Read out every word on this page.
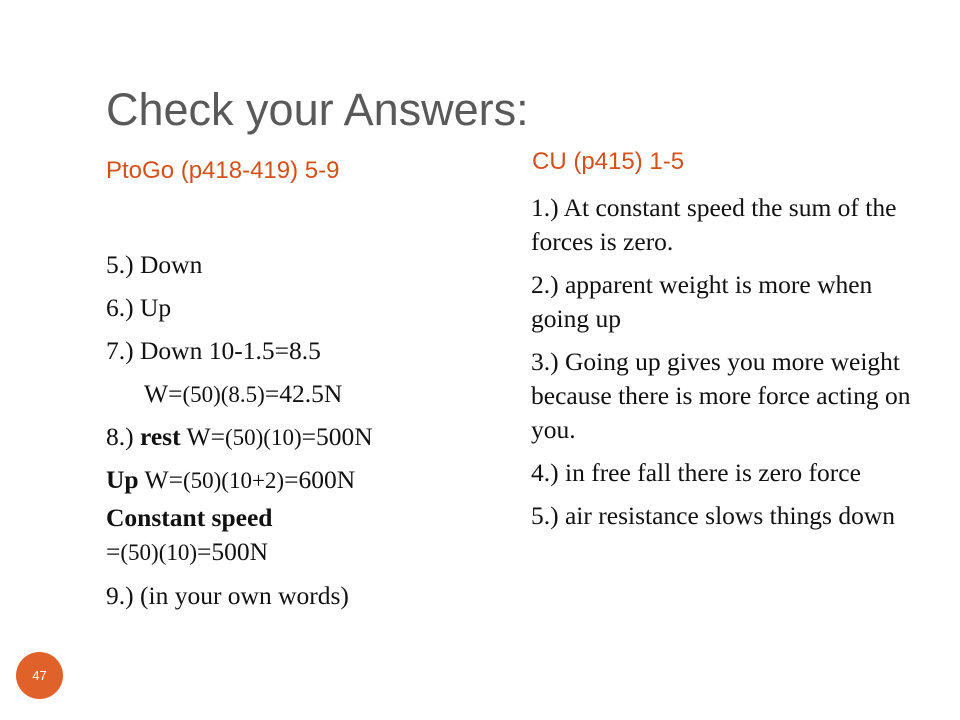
Check your Answers:
PtoGo (p418-419) 5-9	CU (p415) 1-5
5.) Down
6.) Up
7.) Down 10-1.5=8.5
W=(50)(8.5)=42.5N
8.) rest W=(50)(10)=500N
Up W=(50)(10+2)=600N
Constant speed
=(50)(10)=500N
9.) (in your own words)
1.) At constant speed the sum of the forces is zero.
2.) apparent weight is more when going up
3.) Going up gives you more weight because there is more force acting on you.
4.) in free fall there is zero force
5.) air resistance slows things down
47
